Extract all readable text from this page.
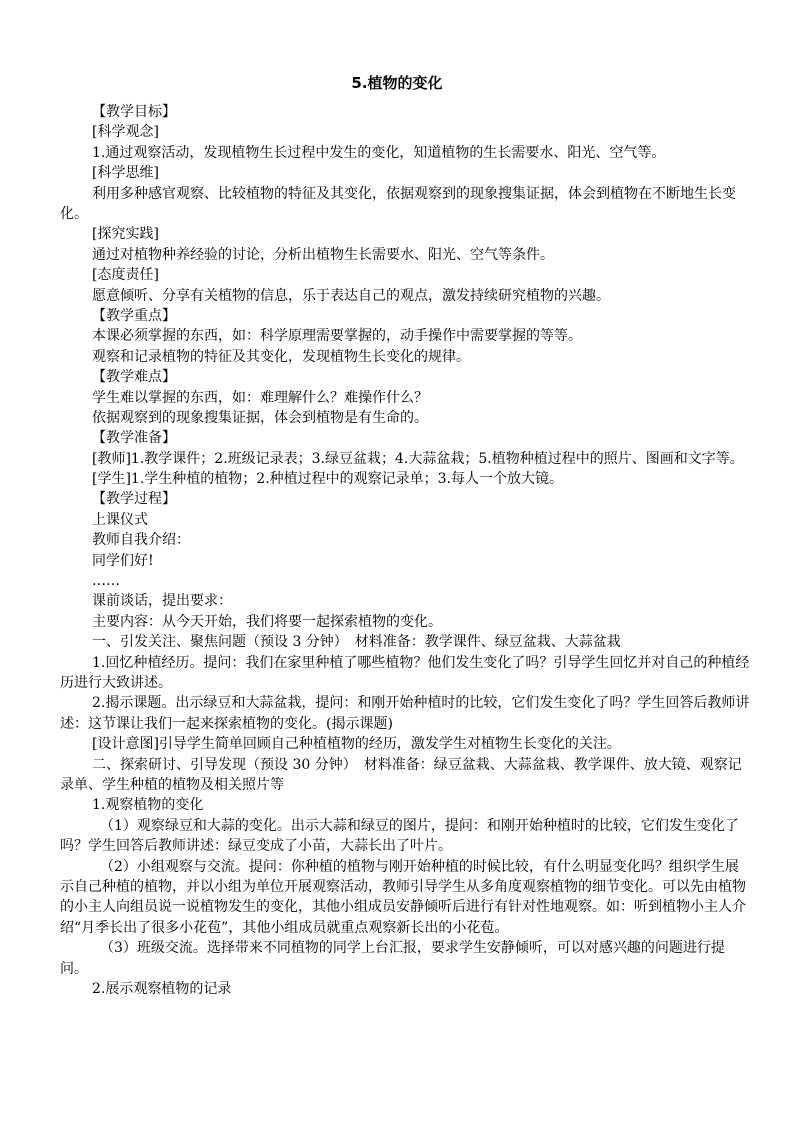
5.植物的变化
【教学目标】
[科学观念]
1.通过观察活动，发现植物生长过程中发生的变化，知道植物的生长需要水、阳光、空气等。
[科学思维]
利用多种感官观察、比较植物的特征及其变化，依据观察到的现象搜集证据，体会到植物在不断地生长变化。
[探究实践]
通过对植物种养经验的讨论，分析出植物生长需要水、阳光、空气等条件。
[态度责任]
愿意倾听、分享有关植物的信息，乐于表达自己的观点，激发持续研究植物的兴趣。
【教学重点】
本课必须掌握的东西，如：科学原理需要掌握的，动手操作中需要掌握的等等。
观察和记录植物的特征及其变化，发现植物生长变化的规律。
【教学难点】
学生难以掌握的东西，如：难理解什么？难操作什么？
依据观察到的现象搜集证据，体会到植物是有生命的。
【教学准备】
[教师]1.教学课件；2.班级记录表；3.绿豆盆栽；4.大蒜盆栽；5.植物种植过程中的照片、图画和文字等。
[学生]1.学生种植的植物；2.种植过程中的观察记录单；3.每人一个放大镜。
【教学过程】
上课仪式
教师自我介绍：
同学们好!
……
课前谈话，提出要求：
主要内容：从今天开始，我们将要一起探索植物的变化。
一、引发关注、聚焦问题（预设 3 分钟）　材料准备：教学课件、绿豆盆栽、大蒜盆栽
1.回忆种植经历。提问：我们在家里种植了哪些植物？他们发生变化了吗？引导学生回忆并对自己的种植经历进行大致讲述。
2.揭示课题。出示绿豆和大蒜盆栽，提问：和刚开始种植时的比较，它们发生变化了吗？学生回答后教师讲述：这节课让我们一起来探索植物的变化。(揭示课题)
[设计意图]引导学生简单回顾自己种植植物的经历，激发学生对植物生长变化的关注。
二、探索研讨、引导发现（预设 30 分钟）　材料准备：绿豆盆栽、大蒜盆栽、教学课件、放大镜、观察记录单、学生种植的植物及相关照片等
1.观察植物的变化
（1）观察绿豆和大蒜的变化。出示大蒜和绿豆的图片，提问：和刚开始种植时的比较，它们发生变化了吗？学生回答后教师讲述：绿豆变成了小苗，大蒜长出了叶片。
（2）小组观察与交流。提问：你种植的植物与刚开始种植的时候比较，有什么明显变化吗？组织学生展示自己种植的植物，并以小组为单位开展观察活动，教师引导学生从多角度观察植物的细节变化。可以先由植物的小主人向组员说一说植物发生的变化，其他小组成员安静倾听后进行有针对性地观察。如：听到植物小主人介绍“月季长出了很多小花苞”，其他小组成员就重点观察新长出的小花苞。
（3）班级交流。选择带来不同植物的同学上台汇报，要求学生安静倾听，可以对感兴趣的问题进行提问。
2.展示观察植物的记录
